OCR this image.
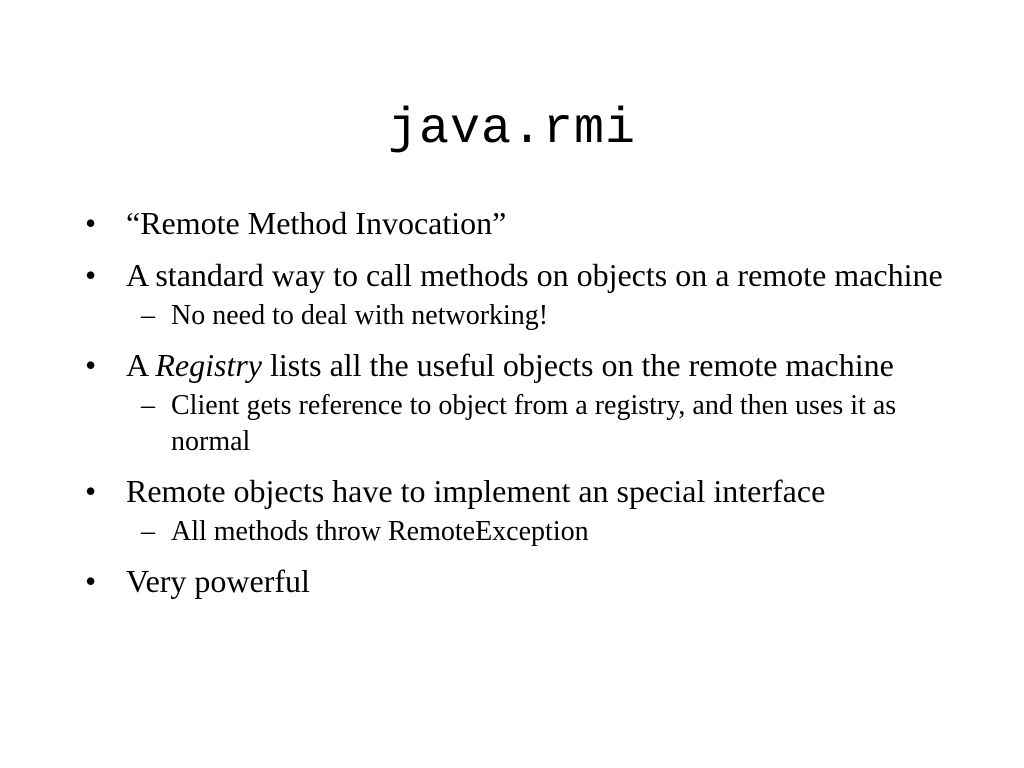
java.rmi
• “Remote Method Invocation”
• A standard way to call methods on objects on a remote machine
– No need to deal with networking!
• A Registry lists all the useful objects on the remote machine
– Client gets reference to object from a registry, and then uses it as normal
• Remote objects have to implement an special interface
– All methods throw RemoteException
• Very powerful
